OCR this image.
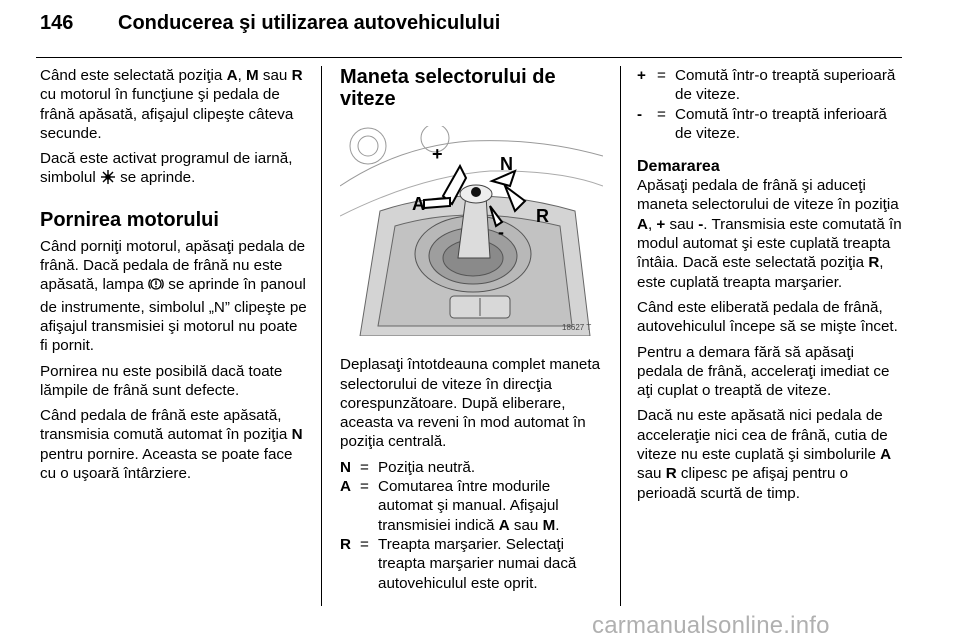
146 Conducerea şi utilizarea autovehiculului

Când este selectată poziţia A, M sau R cu motorul în funcţiune şi pedala de frână apăsată, afişajul clipeşte câteva secunde.

Dacă este activat programul de iarnă, simbolul  se aprinde.

Pornirea motorului

Când porniţi motorul, apăsaţi pedala de frână. Dacă pedala de frână nu este apăsată, lampa  se aprinde în panoul de instrumente, simbolul „N” clipeşte pe afişajul transmisiei şi motorul nu poate fi pornit.

Pornirea nu este posibilă dacă toate lămpile de frână sunt defecte.

Când pedala de frână este apăsată, transmisia comută automat în poziţia N pentru pornire. Aceasta se poate face cu o uşoară întârziere.

Maneta selectorului de viteze
+	N
A
R
-
18627 T

Deplasaţi întotdeauna complet maneta selectorului de viteze în direcţia corespunzătoare. După eliberare, aceasta va reveni în mod automat în poziţia centrală.

N = Poziţia neutră.
A = Comutarea între modurile automat şi manual. Afişajul transmisiei indică A sau M.
R = Treapta marşarier. Selectaţi treapta marşarier numai dacă autovehiculul este oprit.
+ = Comută într-o treaptă superioară de viteze.
- = Comută într-o treaptă inferioară de viteze.
Demararea

Apăsaţi pedala de frână şi aduceţi maneta selectorului de viteze în poziţia A, + sau -. Transmisia este comutată în modul automat şi este cuplată treapta întâia. Dacă este selectată poziţia R, este cuplată treapta marşarier.

Când este eliberată pedala de frână, autovehiculul începe să se mişte încet.

Pentru a demara fără să apăsaţi pedala de frână, acceleraţi imediat ce aţi cuplat o treaptă de viteze.

Dacă nu este apăsată nici pedala de acceleraţie nici cea de frână, cutia de viteze nu este cuplată şi simbolurile A sau R clipesc pe afişaj pentru o perioadă scurtă de timp.

carmanualsonline.info
